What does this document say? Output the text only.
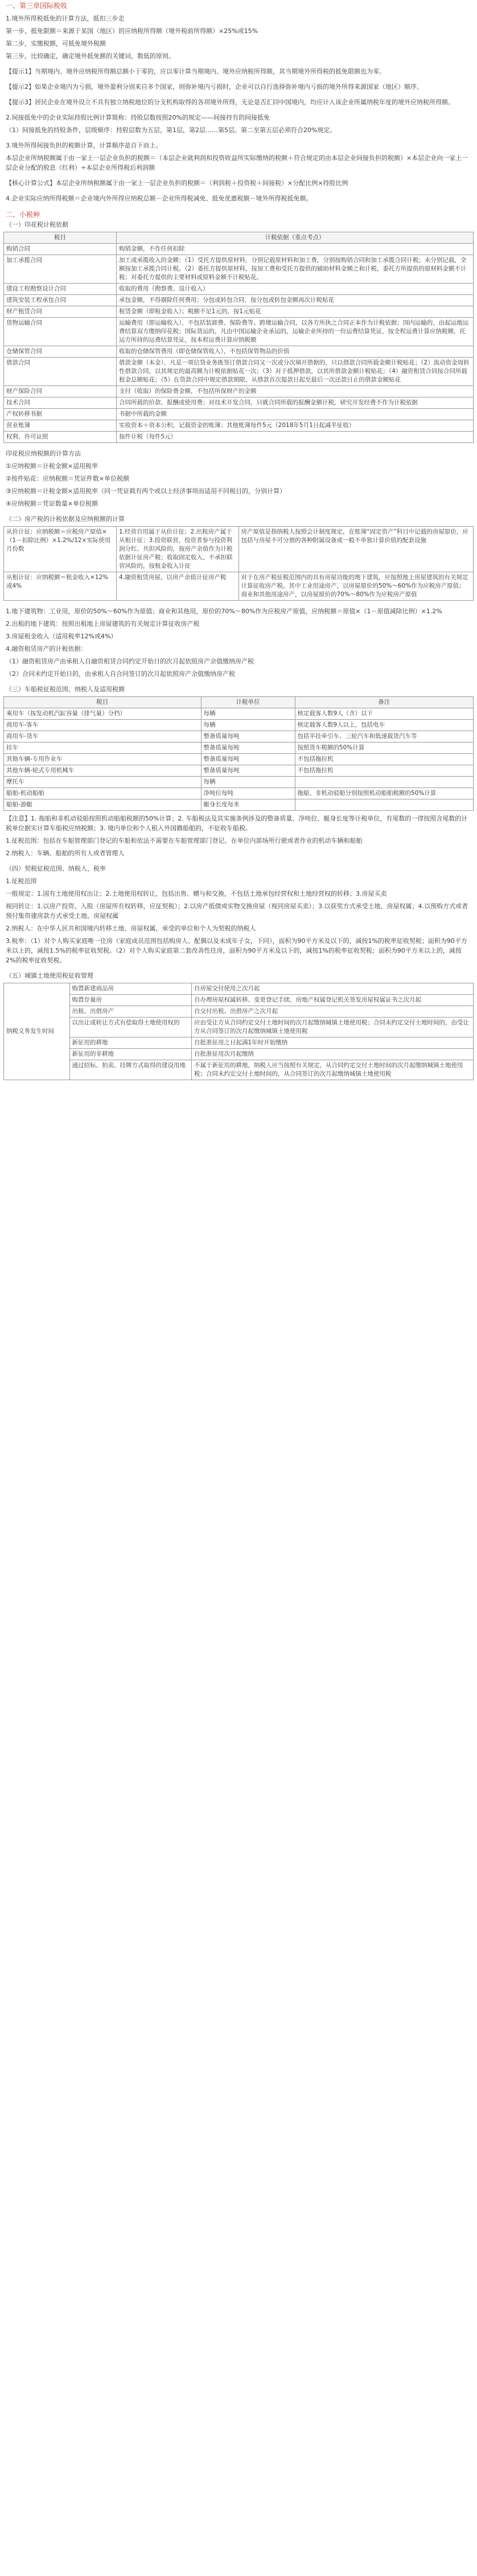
一、第三章国际税收

1.境外所得税抵免的计算方法，抵扣三步走

第一步，抵免限额＝来源于某国（地区）的应纳税所得额（境外税前所得额）×25%或15%

第二步，实缴税额，可抵免境外税额

第三步，比较确定，确定境外抵免额的关键词，数低的原则。

【提示1】当期境内、境外应纳税所得额总额小于零的，应以零计算当期境内、境外应纳税所得额，其当期境外所得税的抵免限额也为零。

【提示2】如果企业境内为亏损，境外盈利分别来自多个国家，则弥补境内亏损时，企业可以自行选择弥补境内亏损的境外所得来源国家（地区）顺序。

【提示3】居民企业在境外设立不具有独立纳税地位的分支机构取得的各项境外所得，无论是否汇回中国境内，均应计入该企业所属纳税年度的境外应纳税所得额。

2.间接抵免中的企业实际持股比例计算简称：持股层数按照20%的规定——间接持有的间接抵免

（1）间接抵免的持股条件，层级顺序：持股层数为五层，第1层，第2层……第5层。第二至第五层必须符合20%规定。

3.境外所得间接负担的税额计算，计算顺序是自下而上。

本层企业所纳税额属于由一家上一层企业负担的税额＝（本层企业就利润和投资收益所实际缴纳的税额＋符合规定的由本层企业间接负担的税额）×本层企业向一家上一层企业分配的股息（红利）÷本层企业所得税后利润额

【核心计算公式】本层企业所纳税额属于由一家上一层企业负担的税额＝（利润税＋投资税＋间接税）×分配比例×持股比例

4.企业实际应纳所得税额＝企业境内外所得应纳税总额－企业所得税减免、抵免优惠税额－境外所得税抵免额。

二、小税种

（一）印花税计税依据

税目	计税依据（重点考点）
购销合同	购销金额，不作任何扣除
加工承揽合同	加工或承揽收入的金额：（1）受托方提供原材料，分别记载原材料和加工费，分别按购销合同和加工承揽合同计税；未分别记载，全额按加工承揽合同计税。（2）委托方提供原材料，按加工费和受托方提供的辅助材料金额之和计税，委托方所提供的原材料金额不计税；对委托方提供的主要材料或原料金额不计税贴花。
建设工程勘察设计合同	收取的费用（勘察费、设计收入）
建筑安装工程承包合同	承包金额，不得剔除任何费用；分包或转包合同，按分包或转包金额再次计税贴花
财产租赁合同	租赁金额（即租金收入）；税额不足1元的，按1元贴花
货物运输合同	运输费用（即运输收入），不包括装卸费、保险费等。跨境运输合同，以各方所执之合同正本作为计税依据；国内运输的，由起运地运费结算双方缴纳印花税；国际货运的，凡由中国运输企业承运的，运输企业所持的一份运费结算凭证，按全程运费计算应纳税额，托运方所持的运费结算凭证，按本程运费计算应纳税额
仓储保管合同	收取的仓储保管费用（即仓储保管收入），不包括保管物品的价值
借款合同	借款金额（本金），凡是一项信贷业务既签订借款合同又一次或分次填开借据的，只以借款合同所载金额计税贴花；（2）流动资金周转性借款合同，以其规定的最高额为计税依据贴花一次；（3）对于抵押借款，以其所借款金额计税贴花；（4）融资租赁合同按合同所载租金总额贴花；（5）在贷款合同中规定借款期限，从借款首次提款日起至最后一次还款日止的借款金额贴花
财产保险合同	支付（收取）的保险费金额，不包括所保财产的金额
技术合同	合同所载的价款、报酬或使用费；对技术开发合同，只就合同所载的报酬金额计税，研究开发经费不作为计税依据
产权转移书据	书据中所载的金额
营业账簿	实收资本＋资本公积，记载资金的账簿；其他账簿每件5元（2018年5月1日起减半征收）
权利、许可证照	按件计税（每件5元）

印花税应纳税额的计算方法

①应纳税额＝计税金额×适用税率

②按件贴花：应纳税额＝凭证件数×单位税额

③应纳税额＝计税金额×适用税率（同一凭证载有两个或以上经济事项而适用不同税目的，分别计算）

④应纳税额＝凭证数量×单位税额

（二）房产税的计税依据及应纳税额的计算

从价计征：应纳税额＝应税房产原值×（1－扣除比例）×1.2%/12×实际使用月份数	1.经营自用属于从价计征；2.出租房产属于从租计征；3.投资联营，投资者参与投资利润分红、共担风险的，按房产余值作为计税依据计征房产税；收取固定收入、不承担联营风险的，按租金收入计征	房产原值是指纳税人按照会计制度规定，在账簿“固定资产”科目中记载的房屋原价，应包括与房屋不可分割的各种附属设备或一般不单独计算价值的配套设施
从租计征：应纳税额＝租金收入×12%或4%	4.融资租赁房屋，以房产余值计征房产税	对于在房产税征税范围内的具有房屋功能的地下建筑，应按照地上房屋建筑的有关规定计算征收房产税。其中工业用途房产，以房屋原价的50%～60%作为应税房产原值；商业和其他用途房产，以房屋原价的70%～80%作为应税房产原值

1.地下建筑物：工业用，原价的50%～60%作为原值；商业和其他用，原价的70%～80%作为应税房产原值，应纳税额＝原值×（1－原值减除比例）×1.2%

2.出租的地下建筑：按照出租地上房屋建筑的有关规定计算征收房产税

3.房屋租金收入（适用税率12%或4%）

4.融资租赁房产的计税依据：

（1）融资租赁房产由承租人自融资租赁合同约定开始日的次月起依照房产余值缴纳房产税

（2）合同未约定开始日的，由承租人自合同签订的次月起依照房产余值缴纳房产税

（三）车船税征税范围、纳税人及适用税额

税目	计税单位	备注
乘用车（按发动机汽缸容量（排气量）分档）	每辆	核定载客人数9人（含）以下
商用车-客车	每辆	核定载客人数9人以上，包括电车
商用车-货车	整备质量每吨	包括半挂牵引车、三轮汽车和低速载货汽车等
挂车	整备质量每吨	按照货车税额的50%计算
其他车辆-专用作业车	整备质量每吨	不包括拖拉机
其他车辆-轮式专用机械车	整备质量每吨	不包括拖拉机
摩托车	每辆	
船舶-机动船舶	净吨位每吨	拖船、非机动驳船分别按照机动船舶税额的50%计算
船舶-游艇	艇身长度每米	

【注意】1. 拖船和非机动驳船按照机动船舶税额的50%计算；2. 车船税法及其实施条例涉及的整备质量、净吨位、艇身长度等计税单位，有尾数的一律按照含尾数的计税单位据实计算车船税应纳税额；3. 境内单位和个人租入外国籍船舶的，不征收车船税。

1.征税范围：包括在车船管理部门登记的车船和依法不需要在车船管理部门登记、在单位内部场所行驶或者作业的机动车辆和船舶

2.纳税人：车辆、船舶的所有人或者管理人

（四）契税征税范围、纳税人、税率

1.征税范围

一般规定：1.国有土地使用权出让；2.土地使用权转让，包括出售、赠与和交换，不包括土地承包经营权和土地经营权的转移；3.房屋买卖

视同转让：1.以房产投资、入股（房屋所有权转移，应征契税）；2.以房产抵债或实物交换房屋（视同房屋买卖）；3.以获奖方式承受土地、房屋权属；4.以预购方式或者预付集资建房款方式承受土地、房屋权属

2.纳税人：在中华人民共和国境内转移土地、房屋权属，承受的单位和个人为契税的纳税人

3.税率：（1）对个人购买家庭唯一住房（家庭成员范围包括购房人、配偶以及未成年子女，下同），面积为90平方米及以下的，减按1%的税率征收契税；面积为90平方米以上的，减按1.5%的税率征收契税。（2）对个人购买家庭第二套改善性住房，面积为90平方米及以下的，减按1%的税率征收契税；面积为90平方米以上的，减按2%的税率征收契税。

（五）城镇土地使用税征收管理

纳税义务发生时间	购置新建商品房	自房屋交付使用之次月起
	购置存量房	自办理房屋权属转移、变更登记手续，房地产权属登记机关签发房屋权属证书之次月起
	出租、出借房产	自交付出租、出借房产之次月起
	以出让或转让方式有偿取得土地使用权的	应由受让方从合同约定交付土地时间的次月起缴纳城镇土地使用税；合同未约定交付土地时间的，由受让方从合同签订的次月起缴纳城镇土地使用税
	新征用的耕地	自批准征用之日起满1年时开始缴纳
	新征用的非耕地	自批准征用次月起缴纳
	通过招标、拍卖、挂牌方式取得的建设用地	不属于新征用的耕地，纳税人应当按照有关规定，从合同约定交付土地时间的次月起缴纳城镇土地使用税；合同未约定交付土地时间的，从合同签订的次月起缴纳城镇土地使用税
